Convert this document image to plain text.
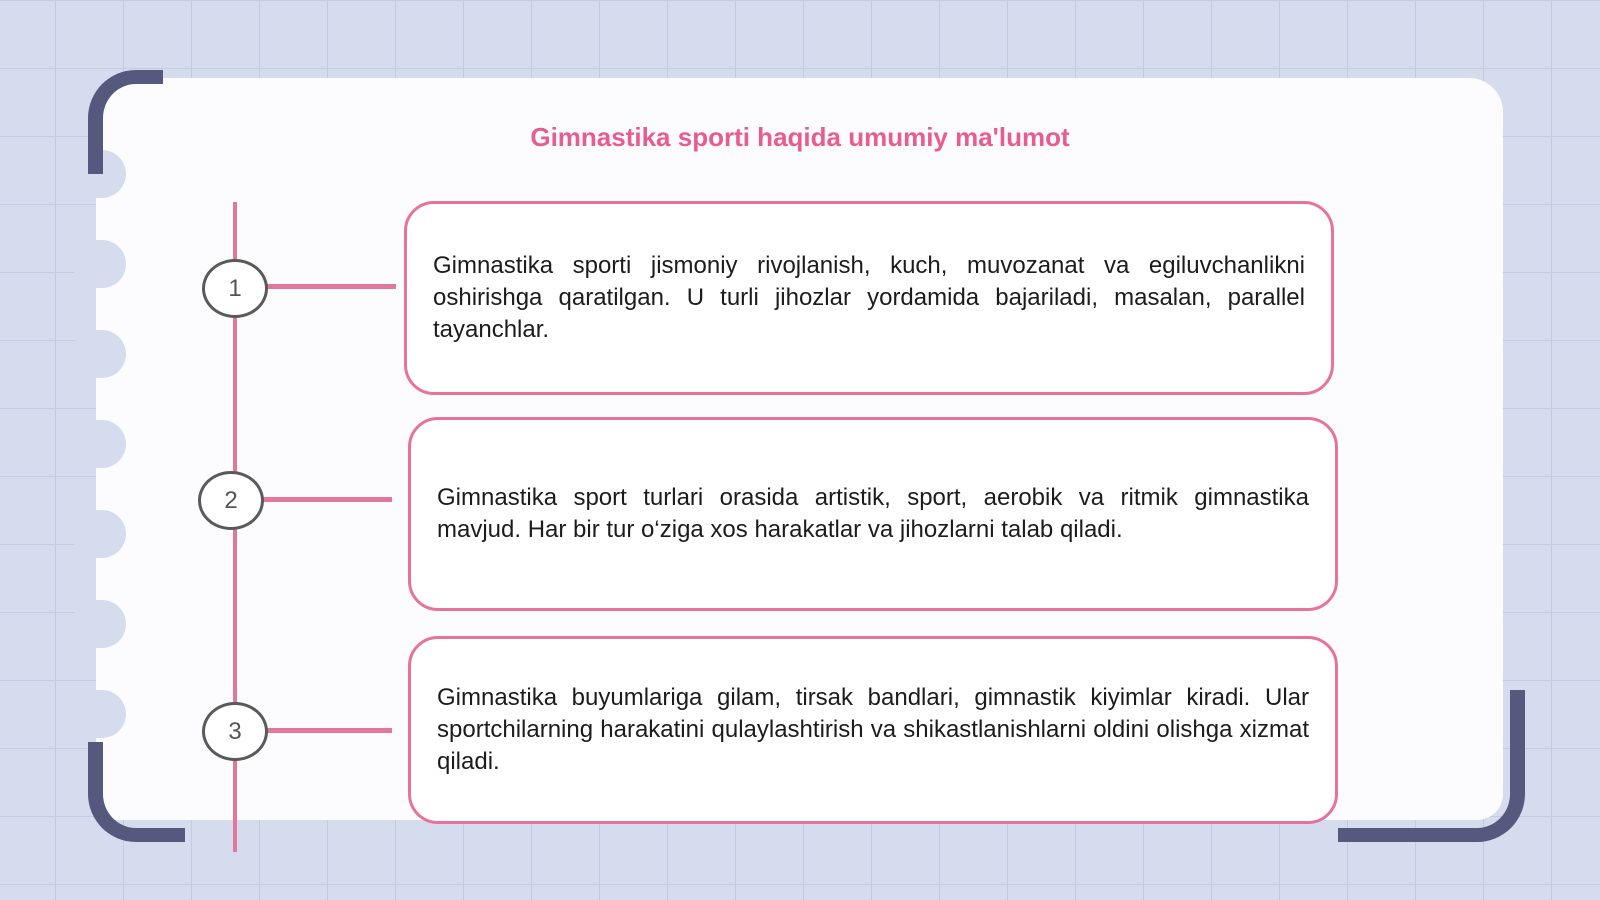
Gimnastika sporti haqida umumiy ma'lumot
1
Gimnastika sporti jismoniy rivojlanish, kuch, muvozanat va egiluvchanlikni oshirishga qaratilgan. U turli jihozlar yordamida bajariladi, masalan, parallel tayanchlar.
2	Gimnastika sport turlari orasida artistik, sport, aerobik va ritmik gimnastika mavjud. Har bir tur o‘ziga xos harakatlar va jihozlarni talab qiladi.
3
Gimnastika buyumlariga gilam, tirsak bandlari, gimnastik kiyimlar kiradi. Ular sportchilarning harakatini qulaylashtirish va shikastlanishlarni oldini olishga xizmat qiladi.
